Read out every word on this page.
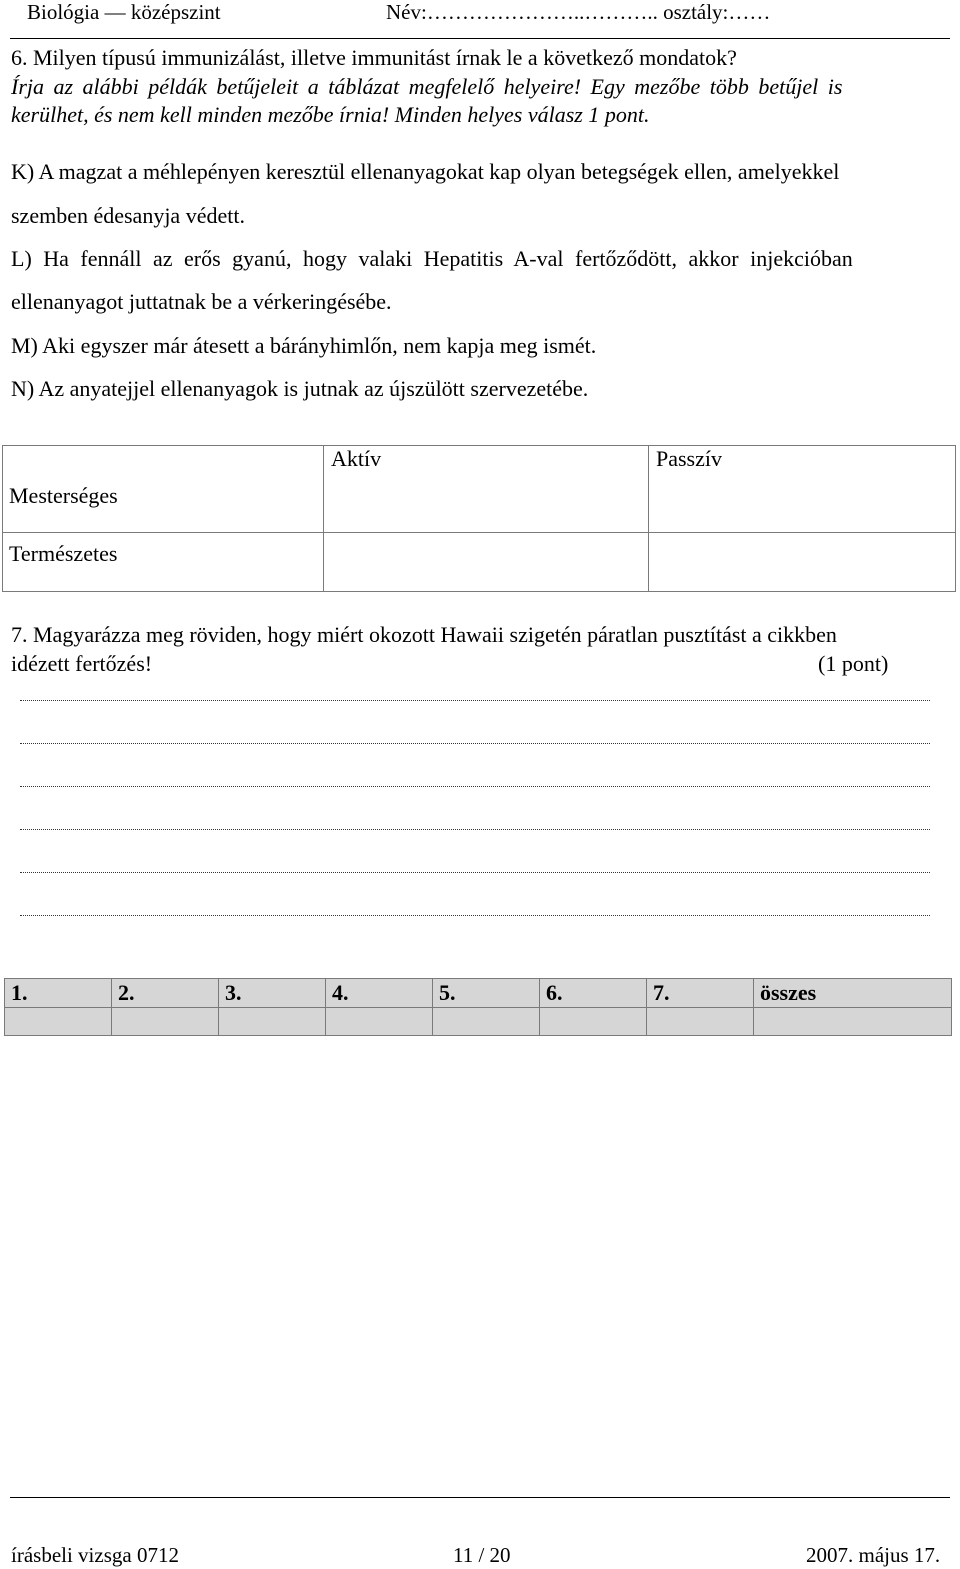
Biológia — középszint	Név:…………………..……….. osztály:……
6. Milyen típusú immunizálást, illetve immunitást írnak le a következő mondatok?
Írja az alábbi példák betűjeleit a táblázat megfelelő helyeire! Egy mezőbe több betűjel is
kerülhet, és nem kell minden mezőbe írnia! Minden helyes válasz 1 pont.
K) A magzat a méhlepényen keresztül ellenanyagokat kap olyan betegségek ellen, amelyekkel
szemben édesanyja védett.
L) Ha fennáll az erős gyanú, hogy valaki Hepatitis A-val fertőződött, akkor injekcióban
ellenanyagot juttatnak be a vérkeringésébe.
M) Aki egyszer már átesett a bárányhimlőn, nem kapja meg ismét.
N) Az anyatejjel ellenanyagok is jutnak az újszülött szervezetébe.
Mesterséges	Aktív	Passzív
Természetes		
7. Magyarázza meg röviden, hogy miért okozott Hawaii szigetén páratlan pusztítást a cikkben
idézett fertőzés!	(1 pont)
1.	2.	3.	4.	5.	6.	7.	összes

írásbeli vizsga 0712	11 / 20	2007. május 17.
